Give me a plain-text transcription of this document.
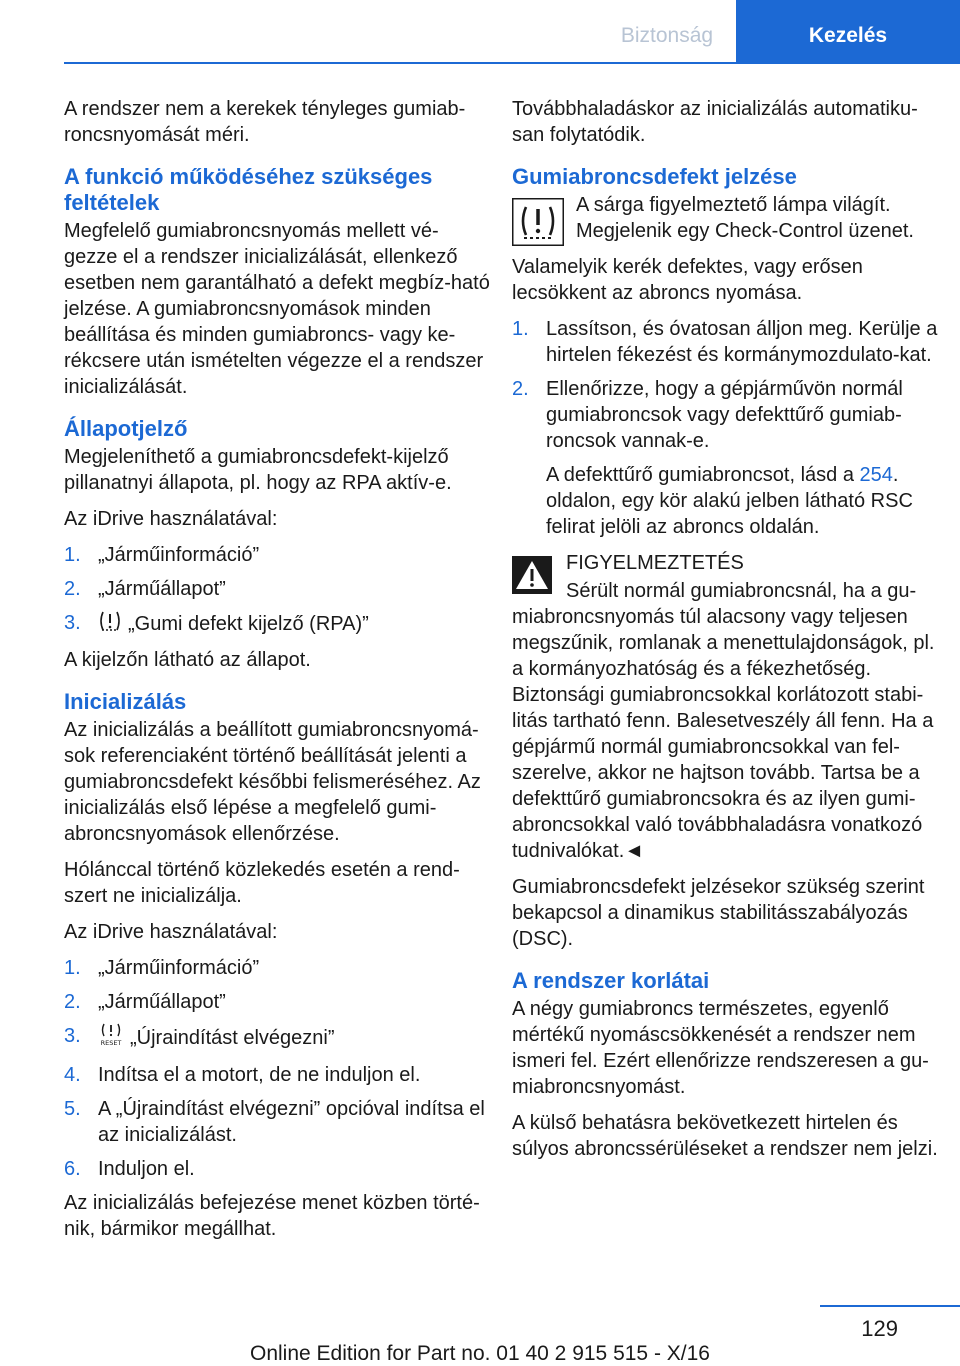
Biztonság	Kezelés

A rendszer nem a kerekek tényleges gumiab-roncsnyomását méri.

A funkció működéséhez szükséges feltételek

Megfelelő gumiabroncsnyomás mellett vé-gezze el a rendszer inicializálását, ellenkező esetben nem garantálható a defekt megbíz-ható jelzése. A gumiabroncsnyomások minden beállítása és minden gumiabroncs- vagy ke-rékcsere után ismételten végezze el a rendszer inicializálását.

Állapotjelző

Megjeleníthető a gumiabroncsdefekt-kijelző pillanatnyi állapota, pl. hogy az RPA aktív-e.

Az iDrive használatával:

1. „Járműinformáció”
2. „Járműállapot”
3. „Gumi defekt kijelző (RPA)”

A kijelzőn látható az állapot.

Inicializálás

Az inicializálás a beállított gumiabroncsnyomá-sok referenciaként történő beállítását jelenti a gumiabroncsdefekt későbbi felismeréséhez. Az inicializálás első lépése a megfelelő gumi-abroncsnyomások ellenőrzése.

Hólánccal történő közlekedés esetén a rend-szert ne inicializálja.

Az iDrive használatával:

1. „Járműinformáció”
2. „Járműállapot”
3.	RESET „Újraindítást elvégezni”
4. Indítsa el a motort, de ne induljon el.
5. A „Újraindítást elvégezni” opcióval indítsa el az inicializálást.
6. Induljon el.

Az inicializálás befejezése menet közben törté-nik, bármikor megállhat.

Továbbhaladáskor az inicializálás automatiku-san folytatódik.

Gumiabroncsdefekt jelzése

A sárga figyelmeztető lámpa világít. Megjelenik egy Check-Control üzenet.

Valamelyik kerék defektes, vagy erősen lecsökkent az abroncs nyomása.

1. Lassítson, és óvatosan álljon meg. Kerülje a hirtelen fékezést és kormánymozdulato-kat.
2. Ellenőrizze, hogy a gépjárművön normál gumiabroncsok vagy defekttűrő gumiab-roncsok vannak-e.

A defekttűrő gumiabroncsot, lásd a 254. oldalon, egy kör alakú jelben látható RSC felirat jelöli az abroncs oldalán.

FIGYELMEZTETÉS

Sérült normál gumiabroncsnál, ha a gu-miabroncsnyomás túl alacsony vagy teljesen megszűnik, romlanak a menettulajdonságok, pl. a kormányozhatóság és a fékezhetőség. Biztonsági gumiabroncsokkal korlátozott stabi-litás tartható fenn. Balesetveszély áll fenn. Ha a gépjármű normál gumiabroncsokkal van fel-szerelve, akkor ne hajtson tovább. Tartsa be a defekttűrő gumiabroncsokra és az ilyen gumi-abroncsokkal való továbbhaladásra vonatkozó tudnivalókat.◄

Gumiabroncsdefekt jelzésekor szükség szerint bekapcsol a dinamikus stabilitásszabályozás (DSC).

A rendszer korlátai

A négy gumiabroncs természetes, egyenlő mértékű nyomáscsökkenését a rendszer nem ismeri fel. Ezért ellenőrizze rendszeresen a gu-miabroncsnyomást.

A külső behatásra bekövetkezett hirtelen és súlyos abroncssérüléseket a rendszer nem jelzi.

129
Online Edition for Part no. 01 40 2 915 515 - X/16
